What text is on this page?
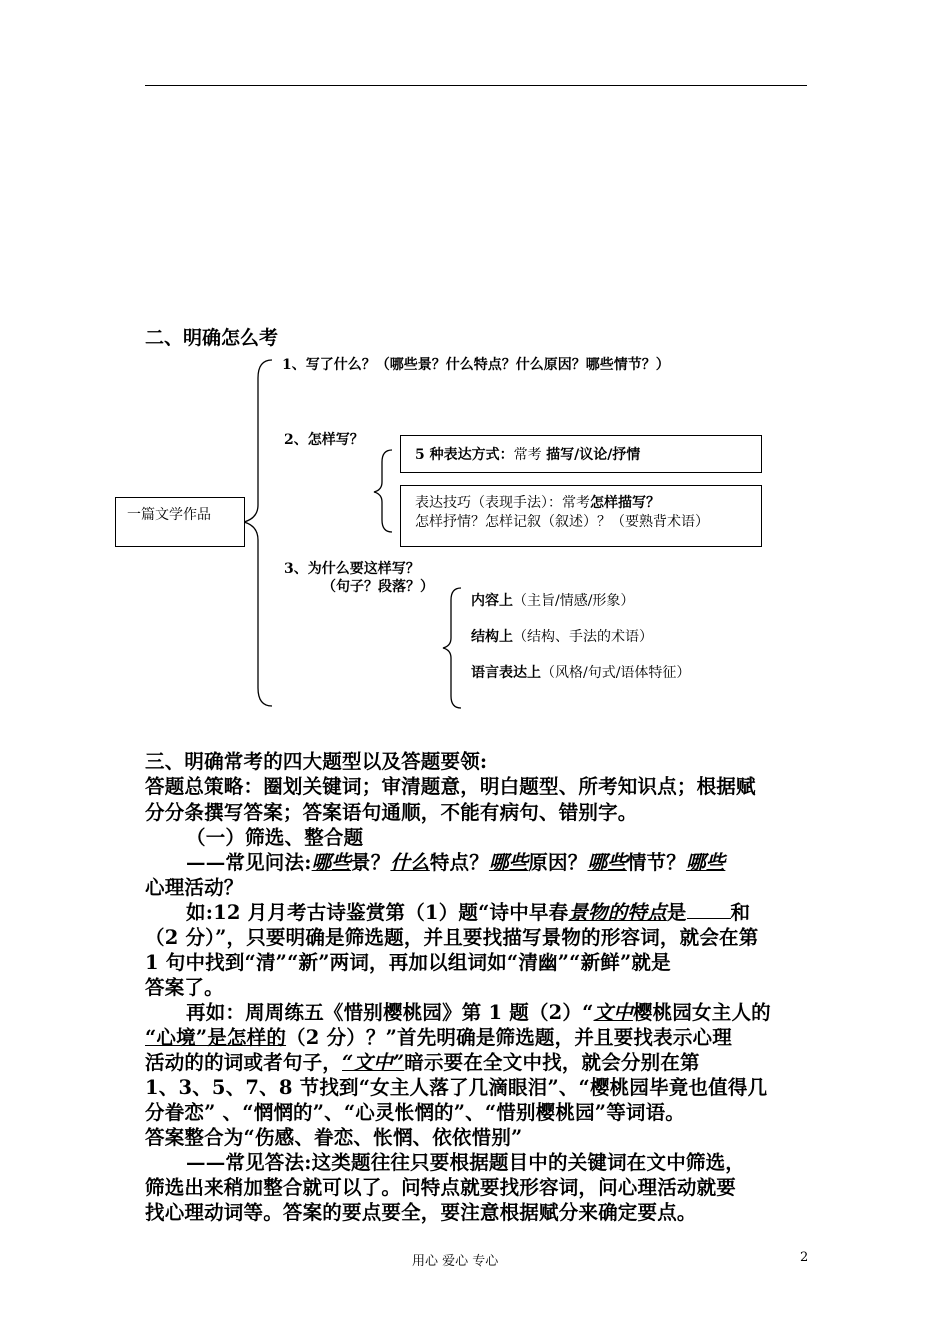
二、明确怎么考
一篇文学作品
1、写了什么？（哪些景？什么特点？什么原因？哪些情节？）
2、怎样写？
5 种表达方式：常考 描写/议论/抒情
表达技巧（表现手法）：常考怎样描写？
怎样抒情？怎样记叙（叙述）？（要熟背术语）
3、为什么要这样写？
（句子？段落？）
内容上（主旨/情感/形象）
结构上（结构、手法的术语）
语言表达上（风格/句式/语体特征）
三、明确常考的四大题型以及答题要领:
答题总策略：圈划关键词；审清题意，明白题型、所考知识点；根据赋
分分条撰写答案；答案语句通顺，不能有病句、错别字。
（一）筛选、整合题
——常见问法:哪些景？什么特点？哪些原因？哪些情节？哪些
心理活动？
如:12 月月考古诗鉴赏第（1）题“诗中早春景物的特点是 和
（2 分）”，只要明确是筛选题，并且要找描写景物的形容词，就会在第
1 句中找到“清”“新”两词，再加以组词如“清幽”“新鲜”就是
答案了。
再如：周周练五《惜别樱桃园》第 1 题（2）“文中樱桃园女主人的
“心境”是怎样的（2 分）？”首先明确是筛选题，并且要找表示心理
活动的的词或者句子，“文中”暗示要在全文中找，就会分别在第
1、3、5、7、8 节找到“女主人落了几滴眼泪”、“樱桃园毕竟也值得几
分眷恋” 、“惘惘的”、“心灵怅惘的”、“惜别樱桃园”等词语。
答案整合为“伤感、眷恋、怅惘、依依惜别”
——常见答法:这类题往往只要根据题目中的关键词在文中筛选，
筛选出来稍加整合就可以了。问特点就要找形容词，问心理活动就要
找心理动词等。答案的要点要全，要注意根据赋分来确定要点。
用心 爱心 专心	2
